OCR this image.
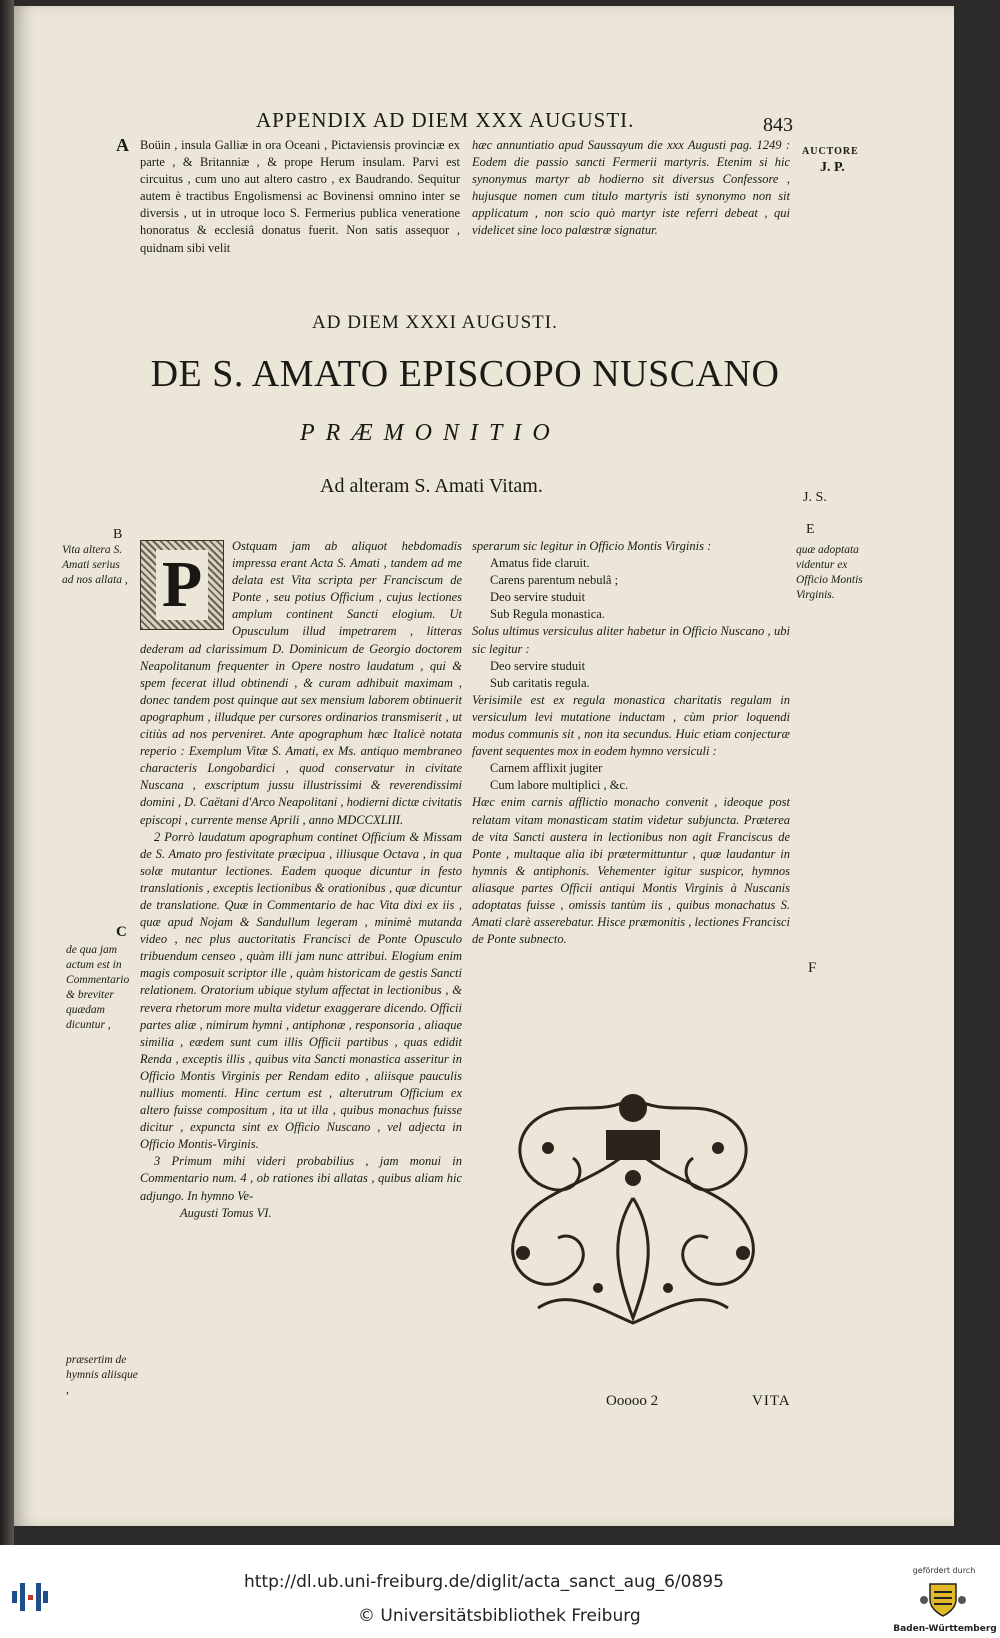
A
APPENDIX AD DIEM XXX AUGUSTI.	843
AUCTORE
J. P.
Boüin , insula Galliæ in ora Oceani , Pictaviensis provinciæ ex parte , & Britanniæ , & prope Herum insulam. Parvi est circuitus , cum uno aut altero castro , ex Baudrando. Sequitur autem è tractibus Engolismensi ac Bovinensi omnino inter se diversis , ut in utroque loco S. Fermerius publica veneratione honoratus & ecclesiâ donatus fuerit. Non satis assequor , quidnam sibi velit
hæc annuntiatio apud Saussayum die xxx Augusti pag. 1249 : Eodem die passio sancti Fermerii martyris. Etenim si hic synonymus martyr ab hodierno sit diversus Confessore , hujusque nomen cum titulo martyris isti synonymo non sit applicatum , non scio quò martyr iste referri debeat , qui videlicet sine loco palæstræ signatur.
AD DIEM XXXI AUGUSTI.
DE S. AMATO EPISCOPO NUSCANO
PRÆMONITIO
Ad alteram S. Amati Vitam.
J. S.
B
Vita altera S. Amati serius ad nos allata ,
E
quæ adoptata videntur ex Officio Montis Virginis.
C
de qua jam actum est in Commentario & breviter quædam dicuntur ,
F
præsertim de hymnis aliisque ,
P

Ostquam jam ab aliquot hebdomadis impressa erant Acta S. Amati , tandem ad me delata est Vita scripta per Franciscum de Ponte , seu potius Officium , cujus lectiones amplum continent Sancti elogium. Ut Opusculum illud impetrarem , litteras dederam ad clarissimum D. Dominicum de Georgio doctorem Neapolitanum frequenter in Opere nostro laudatum , qui & spem fecerat illud obtinendi , & curam adhibuit maximam , donec tandem post quinque aut sex mensium laborem obtinuerit apographum , illudque per cursores ordinarios transmiserit , ut citiùs ad nos perveniret. Ante apographum hæc Italicè notata reperio : Exemplum Vitæ S. Amati, ex Ms. antiquo membraneo characteris Longobardici , quod conservatur in civitate Nuscana , exscriptum jussu illustrissimi & reverendissimi domini , D. Caëtani d'Arco Neapolitani , hodierni dictæ civitatis episcopi , currente mense Aprili , anno MDCCXLIII.

2 Porrò laudatum apographum continet Officium & Missam de S. Amato pro festivitate præcipua , illiusque Octava , in qua solæ mutantur lectiones. Eadem quoque dicuntur in festo translationis , exceptis lectionibus & orationibus , quæ dicuntur de translatione. Quæ in Commentario de hac Vita dixi ex iis , quæ apud Nojam & Sandullum legeram , minimè mutanda video , nec plus auctoritatis Francisci de Ponte Opusculo tribuendum censeo , quàm illi jam nunc attribui. Elogium enim magis composuit scriptor ille , quàm historicam de gestis Sancti relationem. Oratorium ubique stylum affectat in lectionibus , & revera rhetorum more multa videtur exaggerare dicendo. Officii partes aliæ , nimirum hymni , antiphonæ , responsoria , aliaque similia , eædem sunt cum illis Officii partibus , quas edidit Renda , exceptis illis , quibus vita Sancti monastica asseritur in Officio Montis Virginis per Rendam edito , aliisque pauculis nullius momenti. Hinc certum est , alterutrum Officium ex altero fuisse compositum , ita ut illa , quibus monachus fuisse dicitur , expuncta sint ex Officio Nuscano , vel adjecta in Officio Montis-Virginis.

3 Primum mihi videri probabilius , jam monui in Commentario num. 4 , ob rationes ibi allatas , quibus aliam hic adjungo. In hymno Ve-

Augusti Tomus VI.

sperarum sic legitur in Officio Montis Virginis :

Amatus fide claruit.
Carens parentum nebulâ ;
Deo servire studuit
Sub Regula monastica.

Solus ultimus versiculus aliter habetur in Officio Nuscano , ubi sic legitur :

Deo servire studuit
Sub caritatis regula.

Verisimile est ex regula monastica charitatis regulam in versiculum levi mutatione inductam , cùm prior loquendi modus communis sit , non ita secundus. Huic etiam conjecturæ favent sequentes mox in eodem hymno versiculi :

Carnem afflixit jugiter
Cum labore multiplici , &c.

Hæc enim carnis afflictio monacho convenit , ideoque post relatam vitam monasticam statim videtur subjuncta. Præterea de vita Sancti austera in lectionibus non agit Franciscus de Ponte , multaque alia ibi prætermittuntur , quæ laudantur in hymnis & antiphonis. Vehementer igitur suspicor, hymnos aliasque partes Officii antiqui Montis Virginis à Nuscanis adoptatas fuisse , omissis tantùm iis , quibus monachatus S. Amati clarè asserebatur. Hisce præmonitis , lectiones Francisci de Ponte subnecto.

Ooooo 2	VITA
http://dl.ub.uni-freiburg.de/diglit/acta_sanct_aug_6/0895
© Universitätsbibliothek Freiburg
gefördert durch
Baden-Württemberg
